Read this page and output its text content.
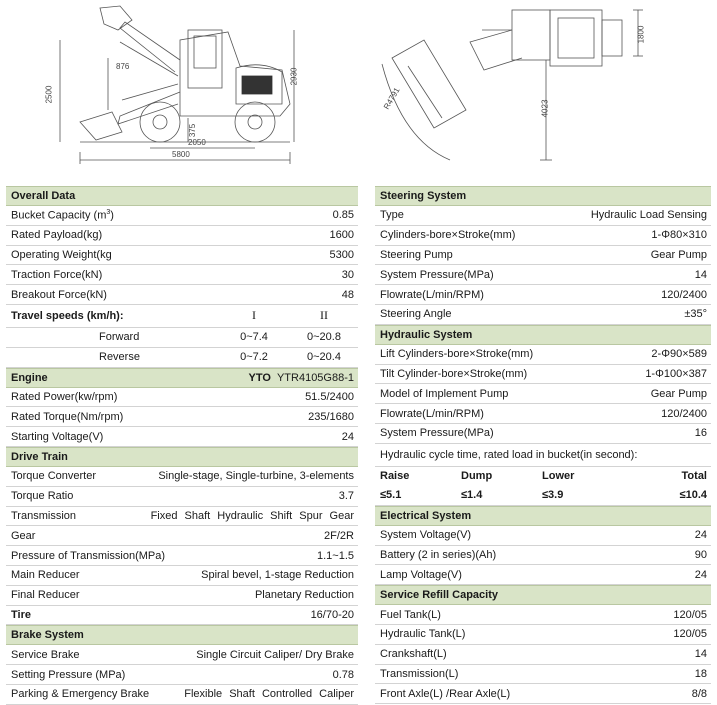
876
2930
2500
375
2050
5800
1800
4023
R4791
Overall Data
Bucket Capacity $(m^3)$	0.85
Rated Payload(kg)	1600
Operating Weight(kg	5300
Traction Force(kN)	30
Breakout Force(kN)	48
Travel speeds (km/h):	I	II
Forward	0~7.4	0~20.8
Reverse	0~7.2	0~20.4
Engine	YTO YTR4105G88-1
Rated Power(kw/rpm)	51.5/2400
Rated Torque(Nm/rpm)	235/1680
Starting Voltage(V)	24
Drive Train
Torque Converter	Single-stage, Single-turbine, 3-elements
Torque Ratio	3.7
Transmission	Fixed Shaft Hydraulic Shift Spur Gear
Gear	2F/2R
Pressure of Transmission(MPa)	1.1~1.5
Main Reducer	Spiral bevel, 1-stage Reduction
Final Reducer	Planetary Reduction
Tire	16/70-20
Brake System
Service Brake	Single Circuit Caliper/ Dry Brake
Setting Pressure (MPa)	0.78
Parking & Emergency Brake	Flexible Shaft Controlled Caliper
Steering System
Type	Hydraulic Load Sensing
Cylinders-bore×Stroke(mm)	1-Φ80×310
Steering Pump	Gear Pump
System Pressure(MPa)	14
Flowrate(L/min/RPM)	120/2400
Steering Angle	±35°
Hydraulic System
Lift Cylinders-bore×Stroke(mm)	2-Φ90×589
Tilt Cylinder-bore×Stroke(mm)	1-Φ100×387
Model of Implement Pump	Gear Pump
Flowrate(L/min/RPM)	120/2400
System Pressure(MPa)	16
Hydraulic cycle time, rated load in bucket(in second):
Raise	Dump	Lower	Total
≤5.1	≤1.4	≤3.9	≤10.4
Electrical System
System Voltage(V)	24
Battery (2 in series)(Ah)	90
Lamp Voltage(V)	24
Service Refill Capacity
Fuel Tank(L)	120/05
Hydraulic Tank(L)	120/05
Crankshaft(L)	14
Transmission(L)	18
Front Axle(L) /Rear Axle(L)	8/8
